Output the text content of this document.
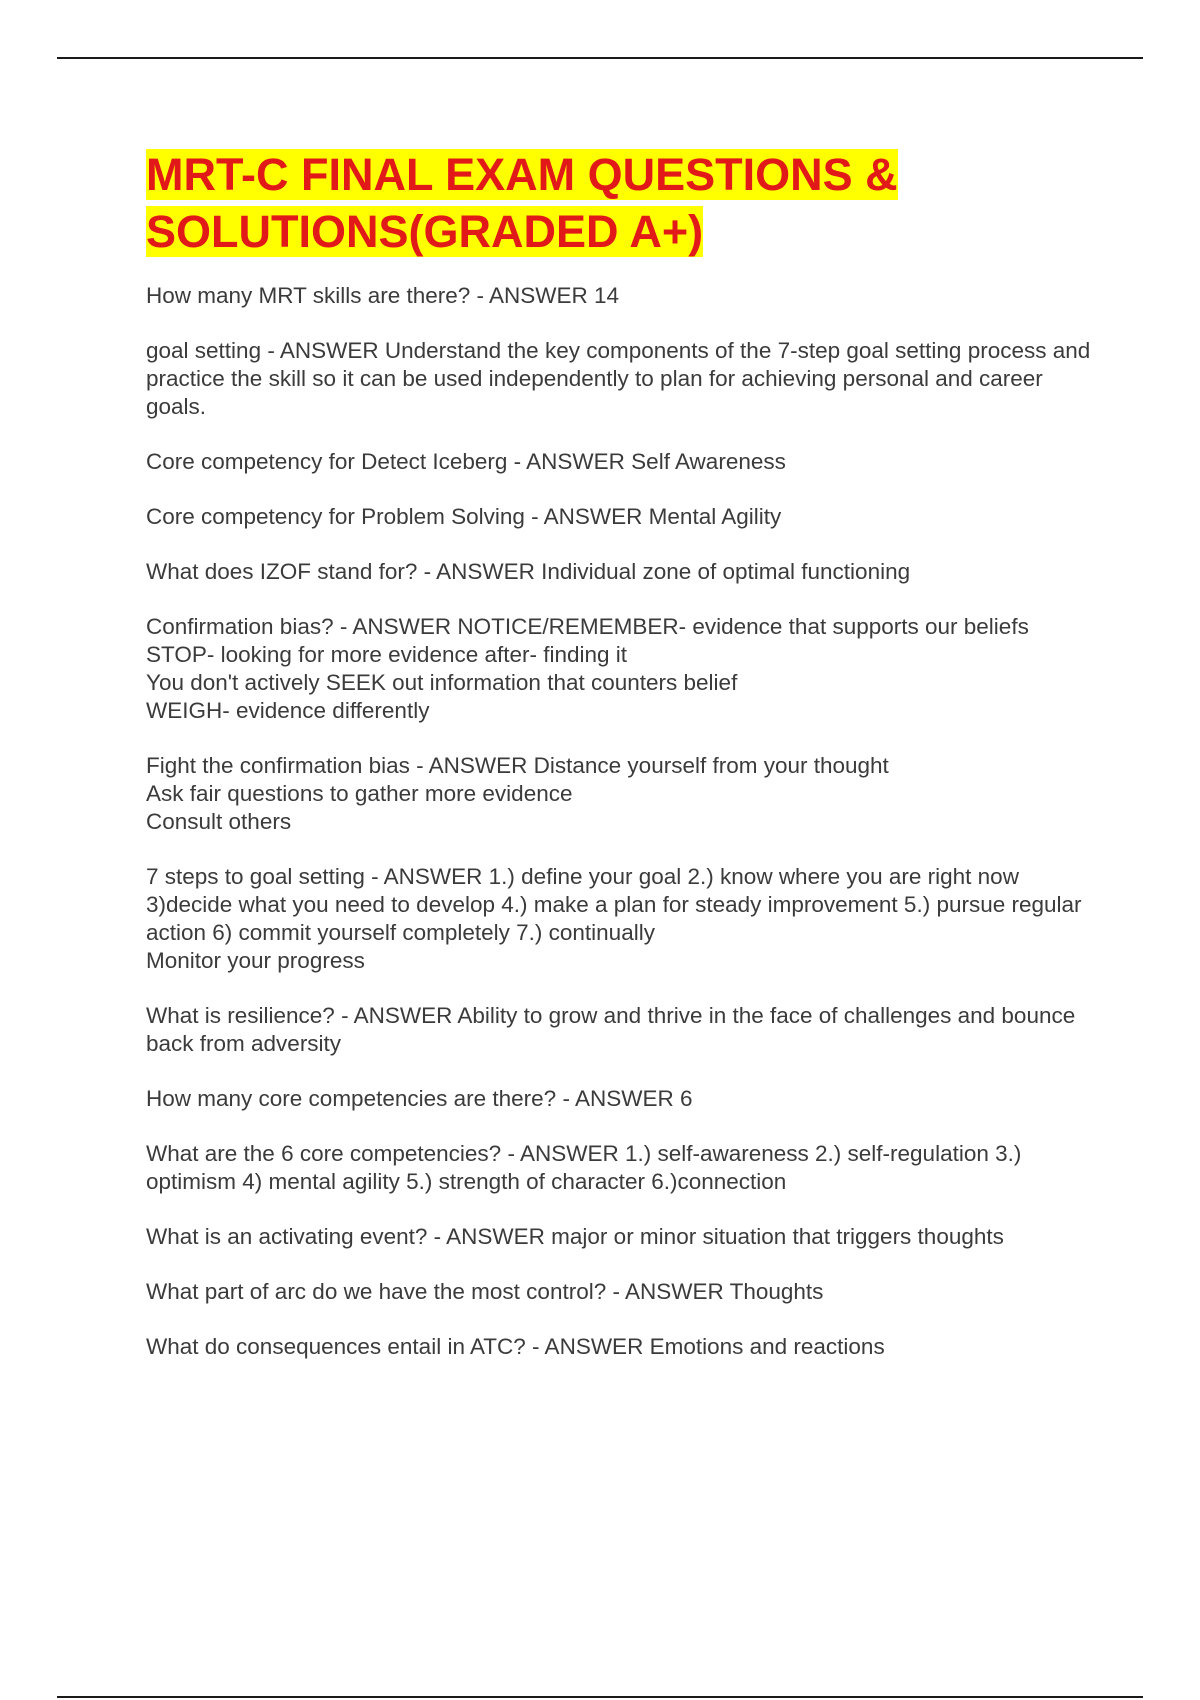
MRT-C FINAL EXAM QUESTIONS &
SOLUTIONS(GRADED A+)

How many MRT skills are there? - ANSWER 14

goal setting - ANSWER Understand the key components of the 7-step goal setting process and practice the skill so it can be used independently to plan for achieving personal and career goals.

Core competency for Detect Iceberg - ANSWER Self Awareness

Core competency for Problem Solving - ANSWER Mental Agility

What does IZOF stand for? - ANSWER Individual zone of optimal functioning

Confirmation bias? - ANSWER NOTICE/REMEMBER- evidence that supports our beliefs
STOP- looking for more evidence after- finding it
You don't actively SEEK out information that counters belief
WEIGH- evidence differently

Fight the confirmation bias - ANSWER Distance yourself from your thought
Ask fair questions to gather more evidence
Consult others

7 steps to goal setting - ANSWER 1.) define your goal 2.) know where you are right now 3)decide what you need to develop 4.) make a plan for steady improvement 5.) pursue regular action 6) commit yourself completely 7.) continually
Monitor your progress

What is resilience? - ANSWER Ability to grow and thrive in the face of challenges and bounce back from adversity

How many core competencies are there? - ANSWER 6

What are the 6 core competencies? - ANSWER 1.) self-awareness 2.) self-regulation 3.) optimism 4) mental agility 5.) strength of character 6.)connection

What is an activating event? - ANSWER major or minor situation that triggers thoughts

What part of arc do we have the most control? - ANSWER Thoughts

What do consequences entail in ATC? - ANSWER Emotions and reactions
